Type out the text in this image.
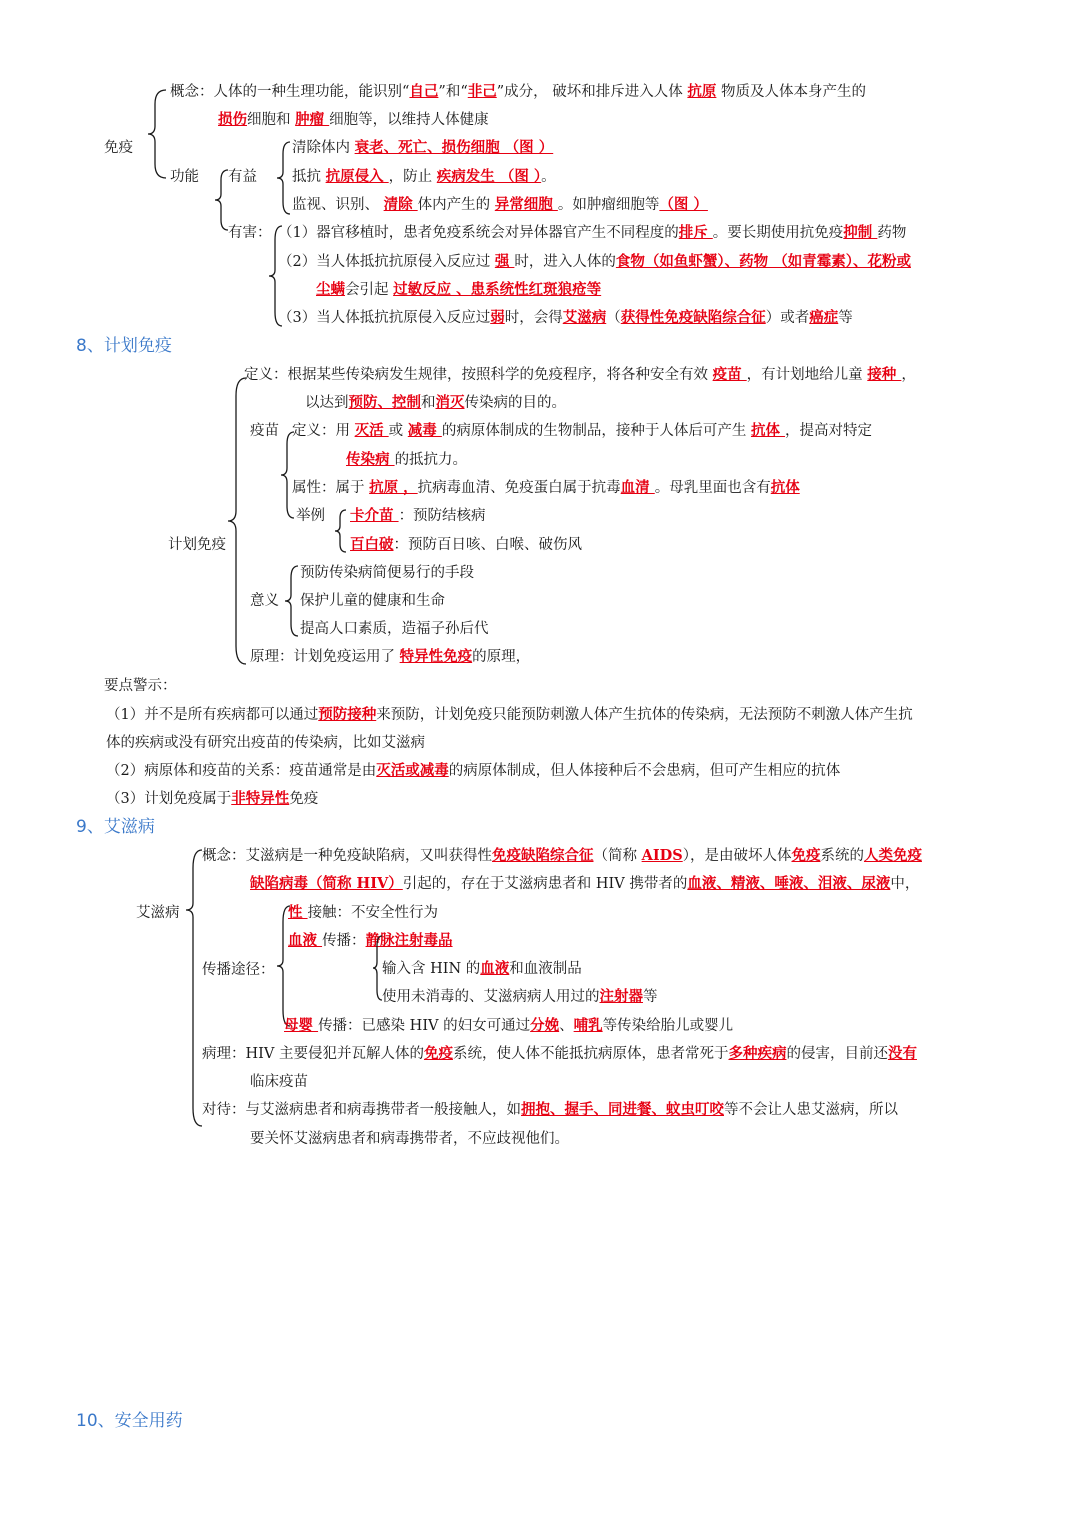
免疫
概念：人体的一种生理功能，能识别“自己”和“非己”成分， 破坏和排斥进入人体 抗原 物质及人体本身产生的
损伤细胞和 肿瘤 细胞等，以维持人体健康
功能 有益
清除体内 衰老、死亡、损伤细胞 （图 ）
抵抗 抗原侵入 ，防止 疾病发生 （图 ）。
监视、识别、 清除 体内产生的 异常细胞 。如肿瘤细胞等（图 ）
有害： （1）器官移植时，患者免疫系统会对异体器官产生不同程度的排斥 。要长期使用抗免疫抑制 药物
（2）当人体抵抗抗原侵入反应过 强 时，进入人体的食物（如鱼虾蟹）、药物 （如青霉素）、花粉或
尘螨会引起 过敏反应 、患系统性红斑狼疮等
（3）当人体抵抗抗原侵入反应过弱时，会得艾滋病（获得性免疫缺陷综合征）或者癌症等
8、计划免疫
计划免疫
定义：根据某些传染病发生规律，按照科学的免疫程序，将各种安全有效 疫苗 ，有计划地给儿童 接种 ，
以达到预防、控制和消灭传染病的目的。
疫苗 定义：用 灭活 或 减毒 的病原体制成的生物制品，接种于人体后可产生 抗体 ，提高对特定
传染病 的抵抗力。
属性：属于 抗原 ，抗病毒血清、免疫蛋白属于抗毒血清 。母乳里面也含有抗体
举例 卡介苗 ：预防结核病
百白破：预防百日咳、白喉、破伤风
意义
预防传染病简便易行的手段
保护儿童的健康和生命
提高人口素质，造福子孙后代
原理：计划免疫运用了 特异性免疫的原理，
要点警示：
（1）并不是所有疾病都可以通过预防接种来预防，计划免疫只能预防刺激人体产生抗体的传染病，无法预防不刺激人体产生抗
体的疾病或没有研究出疫苗的传染病，比如艾滋病
（2）病原体和疫苗的关系：疫苗通常是由灭活或减毒的病原体制成，但人体接种后不会患病，但可产生相应的抗体
（3）计划免疫属于非特异性免疫
9、艾滋病
艾滋病
概念：艾滋病是一种免疫缺陷病，又叫获得性免疫缺陷综合征（简称 AIDS），是由破坏人体免疫系统的人类免疫
缺陷病毒（简称 HIV）引起的，存在于艾滋病患者和 HIV 携带者的血液、精液、唾液、泪液、尿液中，
传播途径：
性 接触：不安全性行为
血液 传播：静脉注射毒品
输入含 HIN 的血液和血液制品
使用未消毒的、艾滋病病人用过的注射器等
母婴 传播：已感染 HIV 的妇女可通过分娩、哺乳等传染给胎儿或婴儿
病理：HIV 主要侵犯并瓦解人体的免疫系统，使人体不能抵抗病原体，患者常死于多种疾病的侵害，目前还没有
临床疫苗
对待：与艾滋病患者和病毒携带者一般接触人，如拥抱、握手、同进餐、蚊虫叮咬等不会让人患艾滋病，所以
要关怀艾滋病患者和病毒携带者，不应歧视他们。
10、安全用药
